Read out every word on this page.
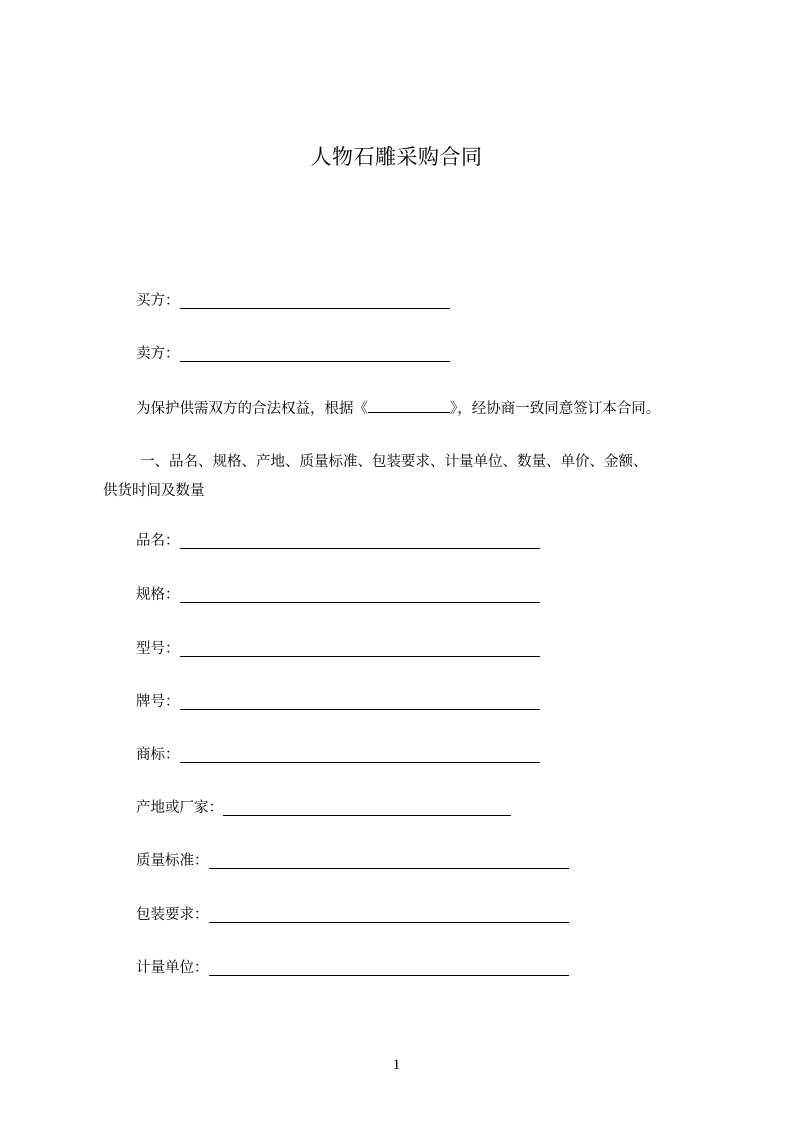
人物石雕采购合同
买方：
卖方：
为保护供需双方的合法权益，根据《	》，经协商一致同意签订本合同。
一、品名、规格、产地、质量标准、包装要求、计量单位、数量、单价、金额、
供货时间及数量
品名：
规格：
型号：
牌号：
商标：
产地或厂家：
质量标准：
包装要求：
计量单位：
1
